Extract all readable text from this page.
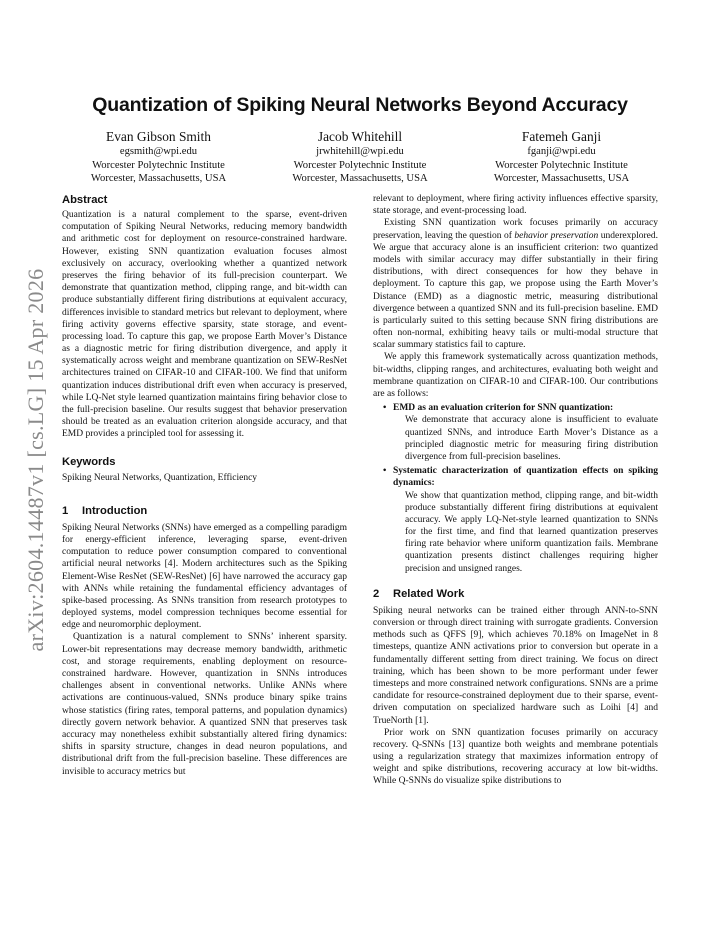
arXiv:2604.14487v1 [cs.LG] 15 Apr 2026
Quantization of Spiking Neural Networks Beyond Accuracy
Evan Gibson Smith
egsmith@wpi.edu
Worcester Polytechnic Institute
Worcester, Massachusetts, USA
Jacob Whitehill
jrwhitehill@wpi.edu
Worcester Polytechnic Institute
Worcester, Massachusetts, USA
Fatemeh Ganji
fganji@wpi.edu
Worcester Polytechnic Institute
Worcester, Massachusetts, USA
Abstract

Quantization is a natural complement to the sparse, event-driven computation of Spiking Neural Networks, reducing memory bandwidth and arithmetic cost for deployment on resource-constrained hardware. However, existing SNN quantization evaluation focuses almost exclusively on accuracy, overlooking whether a quantized network preserves the firing behavior of its full-precision counterpart. We demonstrate that quantization method, clipping range, and bit-width can produce substantially different firing distributions at equivalent accuracy, differences invisible to standard metrics but relevant to deployment, where firing activity governs effective sparsity, state storage, and event-processing load. To capture this gap, we propose Earth Mover’s Distance as a diagnostic metric for firing distribution divergence, and apply it systematically across weight and membrane quantization on SEW-ResNet architectures trained on CIFAR-10 and CIFAR-100. We find that uniform quantization induces distributional drift even when accuracy is preserved, while LQ-Net style learned quantization maintains firing behavior close to the full-precision baseline. Our results suggest that behavior preservation should be treated as an evaluation criterion alongside accuracy, and that EMD provides a principled tool for assessing it.

Keywords

Spiking Neural Networks, Quantization, Efficiency

1 Introduction

Spiking Neural Networks (SNNs) have emerged as a compelling paradigm for energy-efficient inference, leveraging sparse, event-driven computation to reduce power consumption compared to conventional artificial neural networks [4]. Modern architectures such as the Spiking Element-Wise ResNet (SEW-ResNet) [6] have narrowed the accuracy gap with ANNs while retaining the fundamental efficiency advantages of spike-based processing. As SNNs transition from research prototypes to deployed systems, model compression techniques become essential for edge and neuromorphic deployment.

Quantization is a natural complement to SNNs’ inherent sparsity. Lower-bit representations may decrease memory bandwidth, arithmetic cost, and storage requirements, enabling deployment on resource-constrained hardware. However, quantization in SNNs introduces challenges absent in conventional networks. Unlike ANNs where activations are continuous-valued, SNNs produce binary spike trains whose statistics (firing rates, temporal patterns, and population dynamics) directly govern network behavior. A quantized SNN that preserves task accuracy may nonetheless exhibit substantially altered firing dynamics: shifts in sparsity structure, changes in dead neuron populations, and distributional drift from the full-precision baseline. These differences are invisible to accuracy metrics but

relevant to deployment, where firing activity influences effective sparsity, state storage, and event-processing load.

Existing SNN quantization work focuses primarily on accuracy preservation, leaving the question of behavior preservation underexplored. We argue that accuracy alone is an insufficient criterion: two quantized models with similar accuracy may differ substantially in their firing distributions, with direct consequences for how they behave in deployment. To capture this gap, we propose using the Earth Mover’s Distance (EMD) as a diagnostic metric, measuring distributional divergence between a quantized SNN and its full-precision baseline. EMD is particularly suited to this setting because SNN firing distributions are often non-normal, exhibiting heavy tails or multi-modal structure that scalar summary statistics fail to capture.

We apply this framework systematically across quantization methods, bit-widths, clipping ranges, and architectures, evaluating both weight and membrane quantization on CIFAR-10 and CIFAR-100. Our contributions are as follows:

• EMD as an evaluation criterion for SNN quantization:
We demonstrate that accuracy alone is insufficient to evaluate quantized SNNs, and introduce Earth Mover’s Distance as a principled diagnostic metric for measuring firing distribution divergence from full-precision baselines.
• Systematic characterization of quantization effects on spiking dynamics:
We show that quantization method, clipping range, and bit-width produce substantially different firing distributions at equivalent accuracy. We apply LQ-Net-style learned quantization to SNNs for the first time, and find that learned quantization preserves firing rate behavior where uniform quantization fails. Membrane quantization presents distinct challenges requiring higher precision and unsigned ranges.
2 Related Work

Spiking neural networks can be trained either through ANN-to-SNN conversion or through direct training with surrogate gradients. Conversion methods such as QFFS [9], which achieves 70.18% on ImageNet in 8 timesteps, quantize ANN activations prior to conversion but operate in a fundamentally different setting from direct training. We focus on direct training, which has been shown to be more performant under fewer timesteps and more constrained network configurations. SNNs are a prime candidate for resource-constrained deployment due to their sparse, event-driven computation on specialized hardware such as Loihi [4] and TrueNorth [1].

Prior work on SNN quantization focuses primarily on accuracy recovery. Q-SNNs [13] quantize both weights and membrane potentials using a regularization strategy that maximizes information entropy of weight and spike distributions, recovering accuracy at low bit-widths. While Q-SNNs do visualize spike distributions to
